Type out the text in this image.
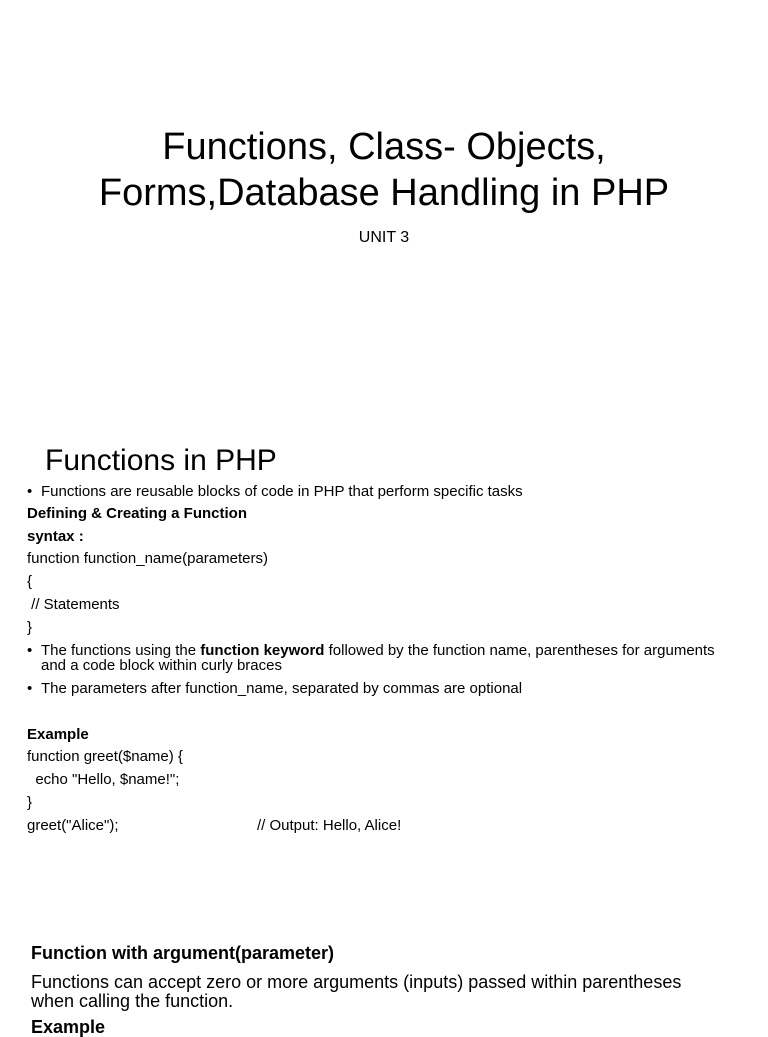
Functions, Class- Objects,
Forms,Database Handling in PHP
UNIT 3
Functions in PHP
• Functions are reusable blocks of code in PHP that perform specific tasks
Defining & Creating a Function
syntax :
function function_name(parameters)
{
// Statements
}
• The functions using the function keyword followed by the function name, parentheses for arguments and a code block within curly braces
• The parameters after function_name, separated by commas are optional
Example
function greet($name) {
echo "Hello, $name!";
}
greet("Alice");	// Output: Hello, Alice!
Function with argument(parameter)
Functions can accept zero or more arguments (inputs) passed within parentheses
when calling the function.
Example
